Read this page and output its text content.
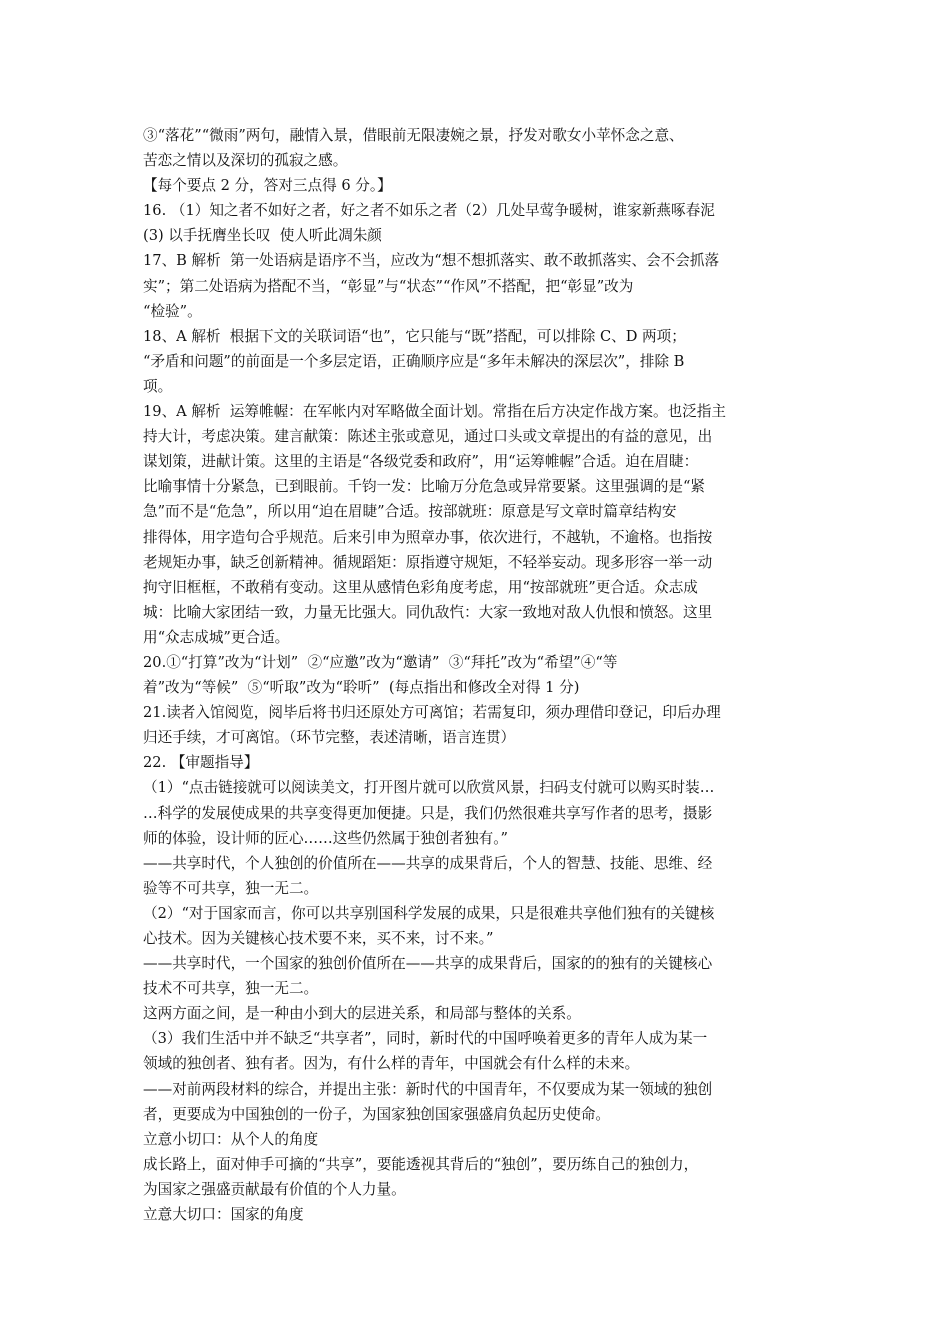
③“落花”“微雨”两句，融情入景，借眼前无限凄婉之景，抒发对歌女小苹怀念之意、
苦恋之情以及深切的孤寂之感。
【每个要点 2 分，答对三点得 6 分。】
16. （1）知之者不如好之者，好之者不如乐之者（2）几处早莺争暖树，谁家新燕啄春泥
(3) 以手抚膺坐长叹  使人听此凋朱颜
17、B 解析  第一处语病是语序不当，应改为“想不想抓落实、敢不敢抓落实、会不会抓落
实”；第二处语病为搭配不当，“彰显”与“状态”“作风”不搭配，把“彰显”改为
“检验”。
18、A 解析  根据下文的关联词语“也”，它只能与“既”搭配，可以排除 C、D 两项；
“矛盾和问题”的前面是一个多层定语，正确顺序应是“多年未解决的深层次”，排除 B
项。
19、A 解析  运筹帷幄：在军帐内对军略做全面计划。常指在后方决定作战方案。也泛指主
持大计，考虑决策。建言献策：陈述主张或意见，通过口头或文章提出的有益的意见，出
谋划策，进献计策。这里的主语是“各级党委和政府”，用“运筹帷幄”合适。迫在眉睫：
比喻事情十分紧急，已到眼前。千钧一发：比喻万分危急或异常要紧。这里强调的是“紧
急”而不是“危急”，所以用“迫在眉睫”合适。按部就班：原意是写文章时篇章结构安
排得体，用字造句合乎规范。后来引申为照章办事，依次进行，不越轨，不逾格。也指按
老规矩办事，缺乏创新精神。循规蹈矩：原指遵守规矩，不轻举妄动。现多形容一举一动
拘守旧框框，不敢稍有变动。这里从感情色彩角度考虑，用“按部就班”更合适。众志成
城：比喻大家团结一致，力量无比强大。同仇敌忾：大家一致地对敌人仇恨和愤怒。这里
用“众志成城”更合适。
20.①“打算”改为“计划”  ②“应邀”改为“邀请”  ③“拜托”改为“希望”④“等
着”改为“等候”  ⑤“听取”改为“聆听”  (每点指出和修改全对得 1 分)
21.读者入馆阅览，阅毕后将书归还原处方可离馆；若需复印，须办理借印登记，印后办理
归还手续，才可离馆。（环节完整，表述清晰，语言连贯）
22. 【审题指导】
（1）“点击链接就可以阅读美文，打开图片就可以欣赏风景，扫码支付就可以购买时装…
…科学的发展使成果的共享变得更加便捷。只是，我们仍然很难共享写作者的思考，摄影
师的体验，设计师的匠心……这些仍然属于独创者独有。”
——共享时代，个人独创的价值所在——共享的成果背后，个人的智慧、技能、思维、经
验等不可共享，独一无二。
（2）“对于国家而言，你可以共享别国科学发展的成果，只是很难共享他们独有的关键核
心技术。因为关键核心技术要不来，买不来，讨不来。”
——共享时代，一个国家的独创价值所在——共享的成果背后，国家的的独有的关键核心
技术不可共享，独一无二。
这两方面之间，是一种由小到大的层进关系，和局部与整体的关系。
（3）我们生活中并不缺乏“共享者”，同时，新时代的中国呼唤着更多的青年人成为某一
领域的独创者、独有者。因为，有什么样的青年，中国就会有什么样的未来。
——对前两段材料的综合，并提出主张：新时代的中国青年，不仅要成为某一领域的独创
者，更要成为中国独创的一份子，为国家独创国家强盛肩负起历史使命。
立意小切口：从个人的角度
成长路上，面对伸手可摘的“共享”，要能透视其背后的“独创”，要历练自己的独创力，
为国家之强盛贡献最有价值的个人力量。
立意大切口：国家的角度
